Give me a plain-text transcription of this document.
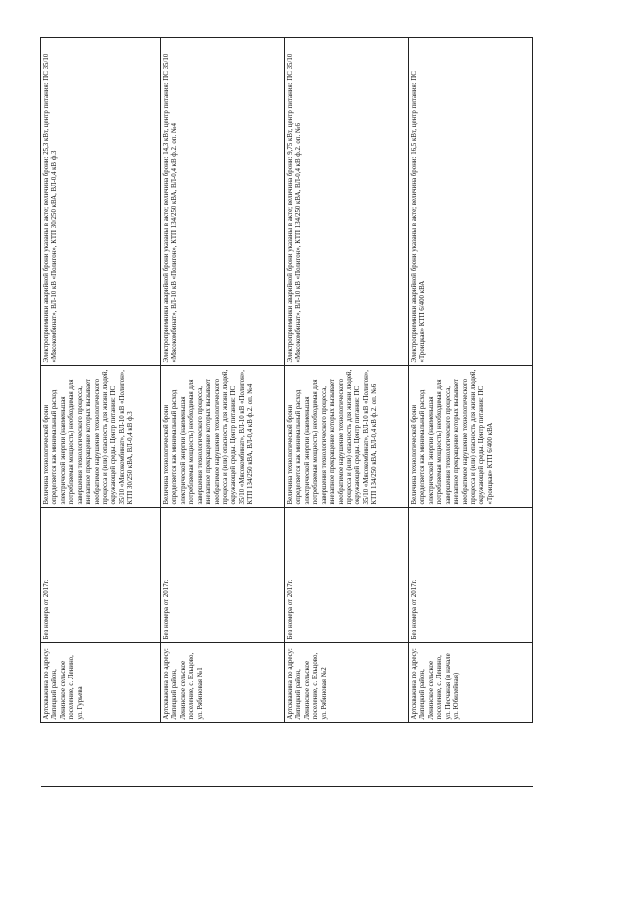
		Артскважина по адресу: Липецкий район, Ленинское сельское поселение, с. Ленино, ул. Гурьева	Без номера от 2017г.	Величина технологической брони определяется как минимальный расход электрической энергии (наименьшая потребляемая мощность) необходимая для завершения технологического процесса, внезапное прекращение которых вызывает необратимое нарушение технологического процесса и (или) опасность для жизни людей, окружающей среды. Центр питания: ПС 35/10 «Мясокомбинат», ВЛ-10 кВ «Полигон», КТП 30/250 кВА, ВЛ-0,4 кВ ф.3	Электроприемники аварийной брони указаны в акте; величина брони: 25,3 кВт, центр питания: ПС 35/10 «Мясокомбинат», ВЛ-10 кВ «Полигон», КТП 30/250 кВА, ВЛ-0,4 кВ ф.3
		Артскважина по адресу: Липецкий район, Ленинское сельское поселение, с. Ельцово, ул. Рябиновая №1	Без номера от 2017г.	Величина технологической брони определяется как минимальный расход электрической энергии (наименьшая потребляемая мощность) необходимая для завершения технологического процесса, внезапное прекращение которых вызывает необратимое нарушение технологического процесса и (или) опасность для жизни людей, окружающей среды. Центр питания: ПС 35/10 «Мясокомбинат», ВЛ-10 кВ «Полигон», КТП 134/250 кВА, ВЛ-0,4 кВ ф.2. оп. №4	Электроприемники аварийной брони указаны в акте; величина брони: 14,3 кВт, центр питания: ПС 35/10 «Мясокомбинат», ВЛ-10 кВ «Полигон», КТП 134/250 кВА, ВЛ-0,4 кВ ф.2. оп. №4
		Артскважина по адресу: Липецкий район, Ленинское сельское поселение, с. Ельцово, ул. Рябиновая №2	Без номера от 2017г.	Величина технологической брони определяется как минимальный расход электрической энергии (наименьшая потребляемая мощность) необходимая для завершения технологического процесса, внезапное прекращение которых вызывает необратимое нарушение технологического процесса и (или) опасность для жизни людей, окружающей среды. Центр питания: ПС 35/10 «Мясокомбинат», ВЛ-10 кВ «Полигон», КТП 134/250 кВА, ВЛ-0,4 кВ ф.2. оп. №6	Электроприемники аварийной брони указаны в акте; величина брони: 9,75 кВт, центр питания: ПС 35/10 «Мясокомбинат», ВЛ-10 кВ «Полигон», КТП 134/250 кВА, ВЛ-0,4 кВ ф.2. оп. №6
		Артскважина по адресу: Липецкий район, Ленинское сельское поселение, с. Ленино, ул. Песчаная (в начале ул. Юбилейная)	Без номера от 2017г.	Величина технологической брони определяется как минимальный расход электрической энергии (наименьшая потребляемая мощность) необходимая для завершения технологического процесса, внезапное прекращение которых вызывает необратимое нарушение технологического процесса и (или) опасность для жизни людей, окружающей среды. Центр питания: ПС «Троицкая» КТП 6/400 кВА	Электроприемники аварийной брони указаны в акте; величина брони: 16,5 кВт, центр питания: ПС «Троицкая» КТП 6/400 кВА
